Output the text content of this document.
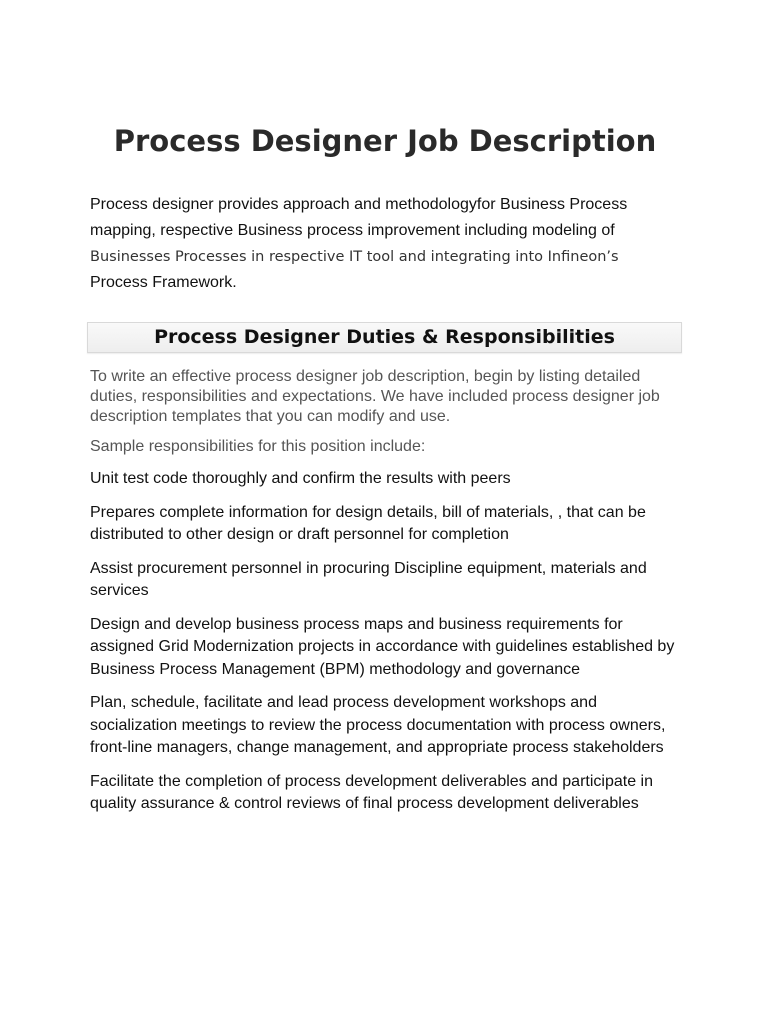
Process Designer Job Description

Process designer provides approach and methodologyfor Business Process mapping, respective Business process improvement including modeling of Businesses Processes in respective IT tool and integrating into Infineon’s Process Framework.

Process Designer Duties & Responsibilities

To write an effective process designer job description, begin by listing detailed duties, responsibilities and expectations. We have included process designer job description templates that you can modify and use.

Sample responsibilities for this position include:

Unit test code thoroughly and confirm the results with peers
Prepares complete information for design details, bill of materials, , that can be distributed to other design or draft personnel for completion
Assist procurement personnel in procuring Discipline equipment, materials and services
Design and develop business process maps and business requirements for assigned Grid Modernization projects in accordance with guidelines established by Business Process Management (BPM) methodology and governance
Plan, schedule, facilitate and lead process development workshops and socialization meetings to review the process documentation with process owners, front-line managers, change management, and appropriate process stakeholders
Facilitate the completion of process development deliverables and participate in quality assurance & control reviews of final process development deliverables
